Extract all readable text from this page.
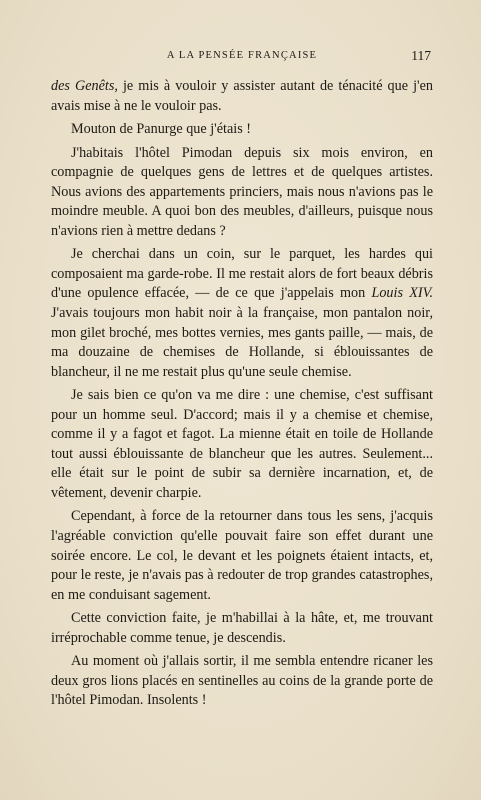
A LA PENSÉE FRANÇAISE	117

des Genêts, je mis à vouloir y assister autant de ténacité que j'en avais mise à ne le vouloir pas.

Mouton de Panurge que j'étais !

J'habitais l'hôtel Pimodan depuis six mois environ, en compagnie de quelques gens de lettres et de quelques artistes. Nous avions des appartements princiers, mais nous n'avions pas le moindre meuble. A quoi bon des meubles, d'ailleurs, puisque nous n'avions rien à mettre dedans ?

Je cherchai dans un coin, sur le parquet, les hardes qui composaient ma garde-robe. Il me restait alors de fort beaux débris d'une opulence effacée, — de ce que j'appelais mon Louis XIV. J'avais toujours mon habit noir à la française, mon pantalon noir, mon gilet broché, mes bottes vernies, mes gants paille, — mais, de ma douzaine de chemises de Hollande, si éblouissantes de blancheur, il ne me restait plus qu'une seule chemise.

Je sais bien ce qu'on va me dire : une chemise, c'est suffisant pour un homme seul. D'accord; mais il y a chemise et chemise, comme il y a fagot et fagot. La mienne était en toile de Hollande tout aussi éblouissante de blancheur que les autres. Seulement... elle était sur le point de subir sa dernière incarnation, et, de vêtement, devenir charpie.

Cependant, à force de la retourner dans tous les sens, j'acquis l'agréable conviction qu'elle pouvait faire son effet durant une soirée encore. Le col, le devant et les poignets étaient intacts, et, pour le reste, je n'avais pas à redouter de trop grandes catastrophes, en me conduisant sagement.

Cette conviction faite, je m'habillai à la hâte, et, me trouvant irréprochable comme tenue, je descendis.

Au moment où j'allais sortir, il me sembla entendre ricaner les deux gros lions placés en sentinelles au coins de la grande porte de l'hôtel Pimodan. Insolents !
